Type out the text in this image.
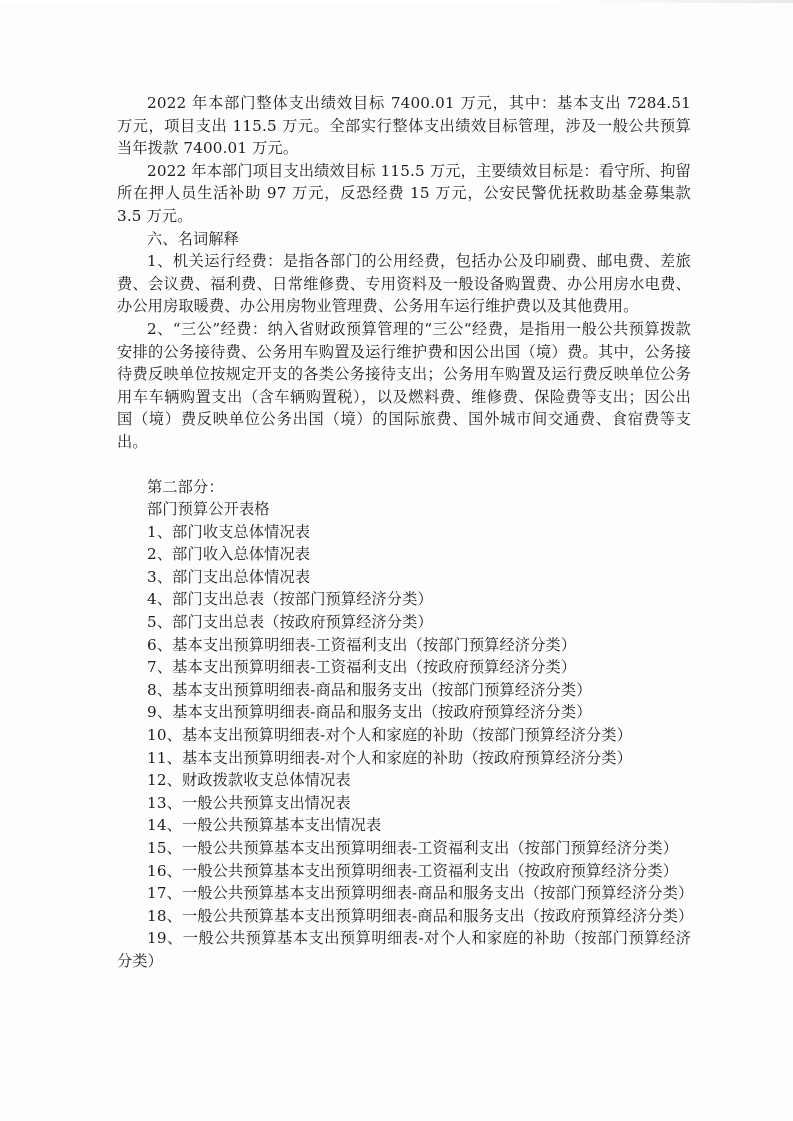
2022 年本部门整体支出绩效目标 7400.01 万元，其中：基本支出 7284.51 万元，项目支出 115.5 万元。全部实行整体支出绩效目标管理，涉及一般公共预算当年拨款 7400.01 万元。

2022 年本部门项目支出绩效目标 115.5 万元，主要绩效目标是：看守所、拘留所在押人员生活补助 97 万元，反恐经费 15 万元，公安民警优抚救助基金募集款 3.5 万元。

六、名词解释

1、机关运行经费：是指各部门的公用经费，包括办公及印刷费、邮电费、差旅费、会议费、福利费、日常维修费、专用资料及一般设备购置费、办公用房水电费、办公用房取暖费、办公用房物业管理费、公务用车运行维护费以及其他费用。

2、“三公”经费：纳入省财政预算管理的“三公“经费，是指用一般公共预算拨款安排的公务接待费、公务用车购置及运行维护费和因公出国（境）费。其中，公务接待费反映单位按规定开支的各类公务接待支出；公务用车购置及运行费反映单位公务用车车辆购置支出（含车辆购置税），以及燃料费、维修费、保险费等支出；因公出国（境）费反映单位公务出国（境）的国际旅费、国外城市间交通费、食宿费等支出。

第二部分：

部门预算公开表格

1、部门收支总体情况表

2、部门收入总体情况表

3、部门支出总体情况表

4、部门支出总表（按部门预算经济分类）

5、部门支出总表（按政府预算经济分类）

6、基本支出预算明细表-工资福利支出（按部门预算经济分类）

7、基本支出预算明细表-工资福利支出（按政府预算经济分类）

8、基本支出预算明细表-商品和服务支出（按部门预算经济分类）

9、基本支出预算明细表-商品和服务支出（按政府预算经济分类）

10、基本支出预算明细表-对个人和家庭的补助（按部门预算经济分类）

11、基本支出预算明细表-对个人和家庭的补助（按政府预算经济分类）

12、财政拨款收支总体情况表

13、一般公共预算支出情况表

14、一般公共预算基本支出情况表

15、一般公共预算基本支出预算明细表-工资福利支出（按部门预算经济分类）

16、一般公共预算基本支出预算明细表-工资福利支出（按政府预算经济分类）

17、一般公共预算基本支出预算明细表-商品和服务支出（按部门预算经济分类）

18、一般公共预算基本支出预算明细表-商品和服务支出（按政府预算经济分类）

19、一般公共预算基本支出预算明细表-对个人和家庭的补助（按部门预算经济分类）
